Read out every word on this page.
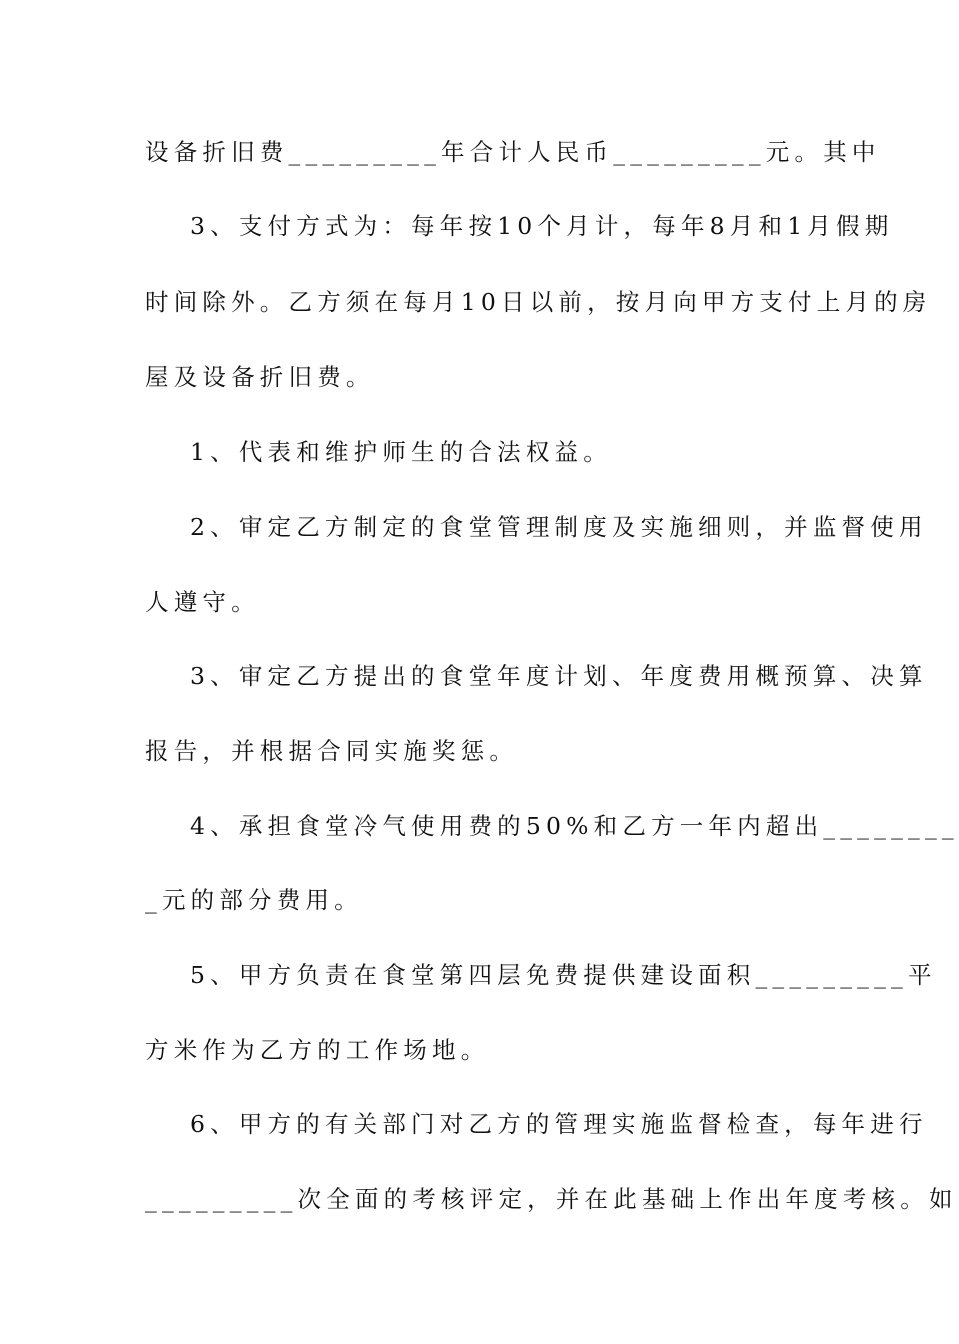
设备折旧费_________年合计人民币_________元。其中
3、支付方式为：每年按10个月计，每年8月和1月假期
时间除外。乙方须在每月10日以前，按月向甲方支付上月的房
屋及设备折旧费。
1、代表和维护师生的合法权益。
2、审定乙方制定的食堂管理制度及实施细则，并监督使用
人遵守。
3、审定乙方提出的食堂年度计划、年度费用概预算、决算
报告，并根据合同实施奖惩。
4、承担食堂冷气使用费的50%和乙方一年内超出________
_元的部分费用。
5、甲方负责在食堂第四层免费提供建设面积_________平
方米作为乙方的工作场地。
6、甲方的有关部门对乙方的管理实施监督检查，每年进行
_________次全面的考核评定，并在此基础上作出年度考核。如
